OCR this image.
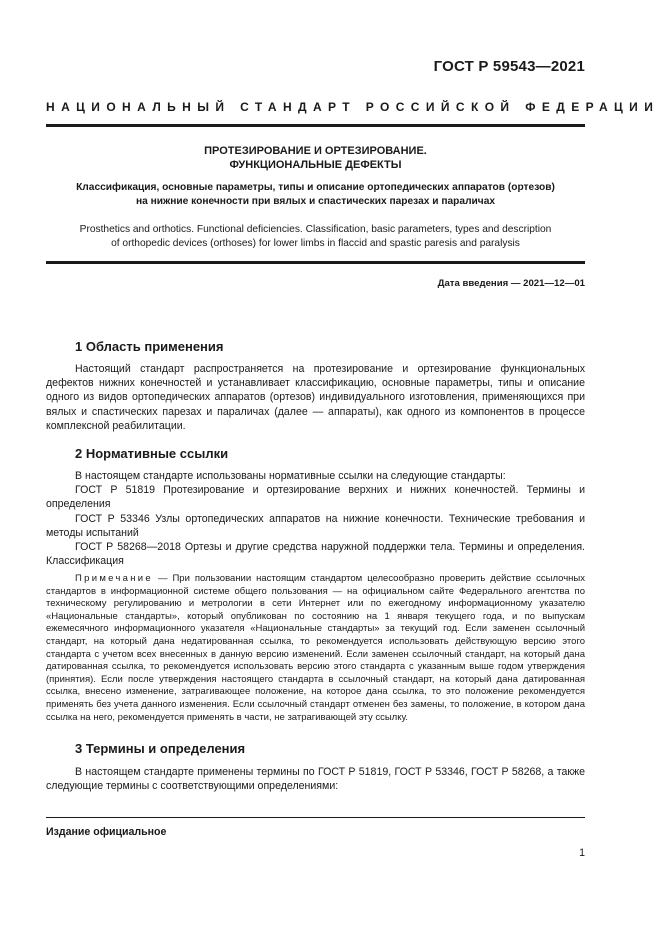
ГОСТ Р 59543—2021
НАЦИОНАЛЬНЫЙ СТАНДАРТ РОССИЙСКОЙ ФЕДЕРАЦИИ
ПРОТЕЗИРОВАНИЕ И ОРТЕЗИРОВАНИЕ.
ФУНКЦИОНАЛЬНЫЕ ДЕФЕКТЫ
Классификация, основные параметры, типы и описание ортопедических аппаратов (ортезов)
на нижние конечности при вялых и спастических парезах и параличах
Prosthetics and orthotics. Functional deficiencies. Classification, basic parameters, types and description
of orthopedic devices (orthoses) for lower limbs in flaccid and spastic paresis and paralysis
Дата введения — 2021—12—01
1 Область применения

Настоящий стандарт распространяется на протезирование и ортезирование функциональных дефектов нижних конечностей и устанавливает классификацию, основные параметры, типы и описание одного из видов ортопедических аппаратов (ортезов) индивидуального изготовления, применяющихся при вялых и спастических парезах и параличах (далее — аппараты), как одного из компонентов в процессе комплексной реабилитации.

2 Нормативные ссылки

В настоящем стандарте использованы нормативные ссылки на следующие стандарты:

ГОСТ Р 51819 Протезирование и ортезирование верхних и нижних конечностей. Термины и определения

ГОСТ Р 53346 Узлы ортопедических аппаратов на нижние конечности. Технические требования и методы испытаний

ГОСТ Р 58268—2018 Ортезы и другие средства наружной поддержки тела. Термины и определения. Классификация

Примечание — При пользовании настоящим стандартом целесообразно проверить действие ссылочных стандартов в информационной системе общего пользования — на официальном сайте Федерального агентства по техническому регулированию и метрологии в сети Интернет или по ежегодному информационному указателю «Национальные стандарты», который опубликован по состоянию на 1 января текущего года, и по выпускам ежемесячного информационного указателя «Национальные стандарты» за текущий год. Если заменен ссылочный стандарт, на который дана недатированная ссылка, то рекомендуется использовать действующую версию этого стандарта с учетом всех внесенных в данную версию изменений. Если заменен ссылочный стандарт, на который дана датированная ссылка, то рекомендуется использовать версию этого стандарта с указанным выше годом утверждения (принятия). Если после утверждения настоящего стандарта в ссылочный стандарт, на который дана датированная ссылка, внесено изменение, затрагивающее положение, на которое дана ссылка, то это положение рекомендуется применять без учета данного изменения. Если ссылочный стандарт отменен без замены, то положение, в котором дана ссылка на него, рекомендуется применять в части, не затрагивающей эту ссылку.

3 Термины и определения

В настоящем стандарте применены термины по ГОСТ Р 51819, ГОСТ Р 53346, ГОСТ Р 58268, а также следующие термины с соответствующими определениями:

Издание официальное
1
